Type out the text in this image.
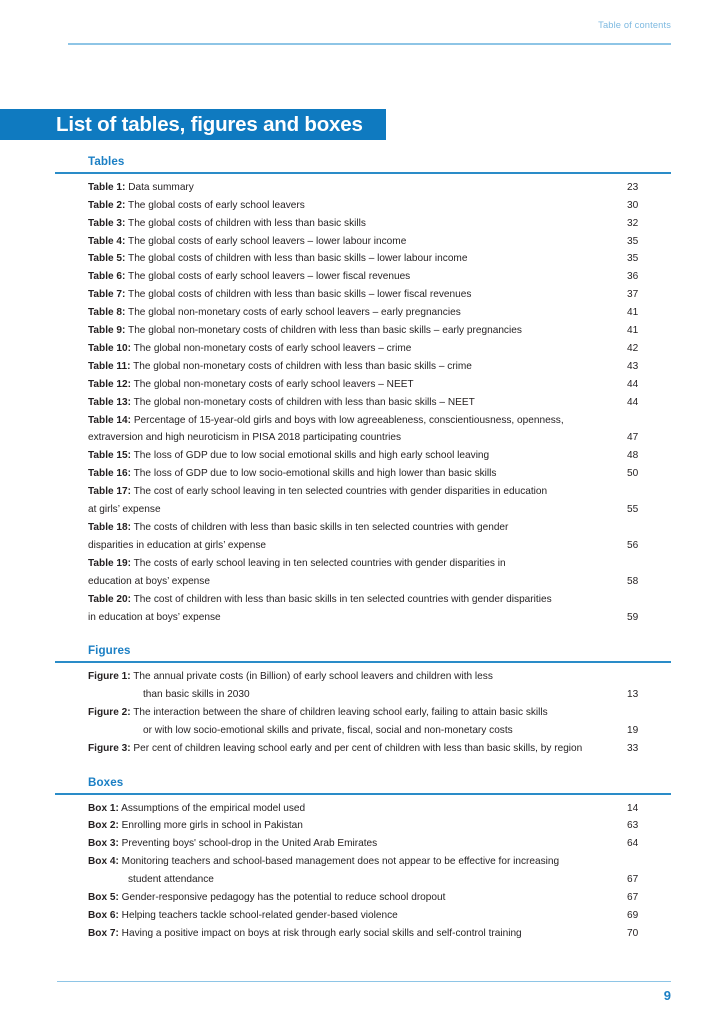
Table of contents
List of tables, figures and boxes
Tables
Table 1: Data summary	23
Table 2: The global costs of early school leavers	30
Table 3: The global costs of children with less than basic skills	32
Table 4: The global costs of early school leavers – lower labour income	35
Table 5: The global costs of children with less than basic skills – lower labour income	35
Table 6: The global costs of early school leavers – lower fiscal revenues	36
Table 7: The global costs of children with less than basic skills – lower fiscal revenues	37
Table 8: The global non-monetary costs of early school leavers – early pregnancies	41
Table 9: The global non-monetary costs of children with less than basic skills – early pregnancies	41
Table 10: The global non-monetary costs of early school leavers – crime	42
Table 11: The global non-monetary costs of children with less than basic skills – crime	43
Table 12: The global non-monetary costs of early school leavers – NEET	44
Table 13: The global non-monetary costs of children with less than basic skills – NEET	44
Table 14: Percentage of 15-year-old girls and boys with low agreeableness, conscientiousness, openness,
extraversion and high neuroticism in PISA 2018 participating countries	47
Table 15: The loss of GDP due to low social emotional skills and high early school leaving	48
Table 16: The loss of GDP due to low socio-emotional skills and high lower than basic skills	50
Table 17: The cost of early school leaving in ten selected countries with gender disparities in education
at girls’ expense	55
Table 18: The costs of children with less than basic skills in ten selected countries with gender
disparities in education at girls’ expense	56
Table 19: The costs of early school leaving in ten selected countries with gender disparities in
education at boys’ expense	58
Table 20: The cost of children with less than basic skills in ten selected countries with gender disparities
in education at boys’ expense	59
Figures
Figure 1: The annual private costs (in Billion) of early school leavers and children with less
than basic skills in 2030	13
Figure 2: The interaction between the share of children leaving school early, failing to attain basic skills
or with low socio-emotional skills and private, fiscal, social and non-monetary costs	19
Figure 3: Per cent of children leaving school early and per cent of children with less than basic skills, by region	33
Boxes
Box 1: Assumptions of the empirical model used	14
Box 2: Enrolling more girls in school in Pakistan	63
Box 3: Preventing boys' school-drop in the United Arab Emirates	64
Box 4: Monitoring teachers and school-based management does not appear to be effective for increasing
student attendance	67
Box 5: Gender-responsive pedagogy has the potential to reduce school dropout	67
Box 6: Helping teachers tackle school-related gender-based violence	69
Box 7: Having a positive impact on boys at risk through early social skills and self-control training	70
9
